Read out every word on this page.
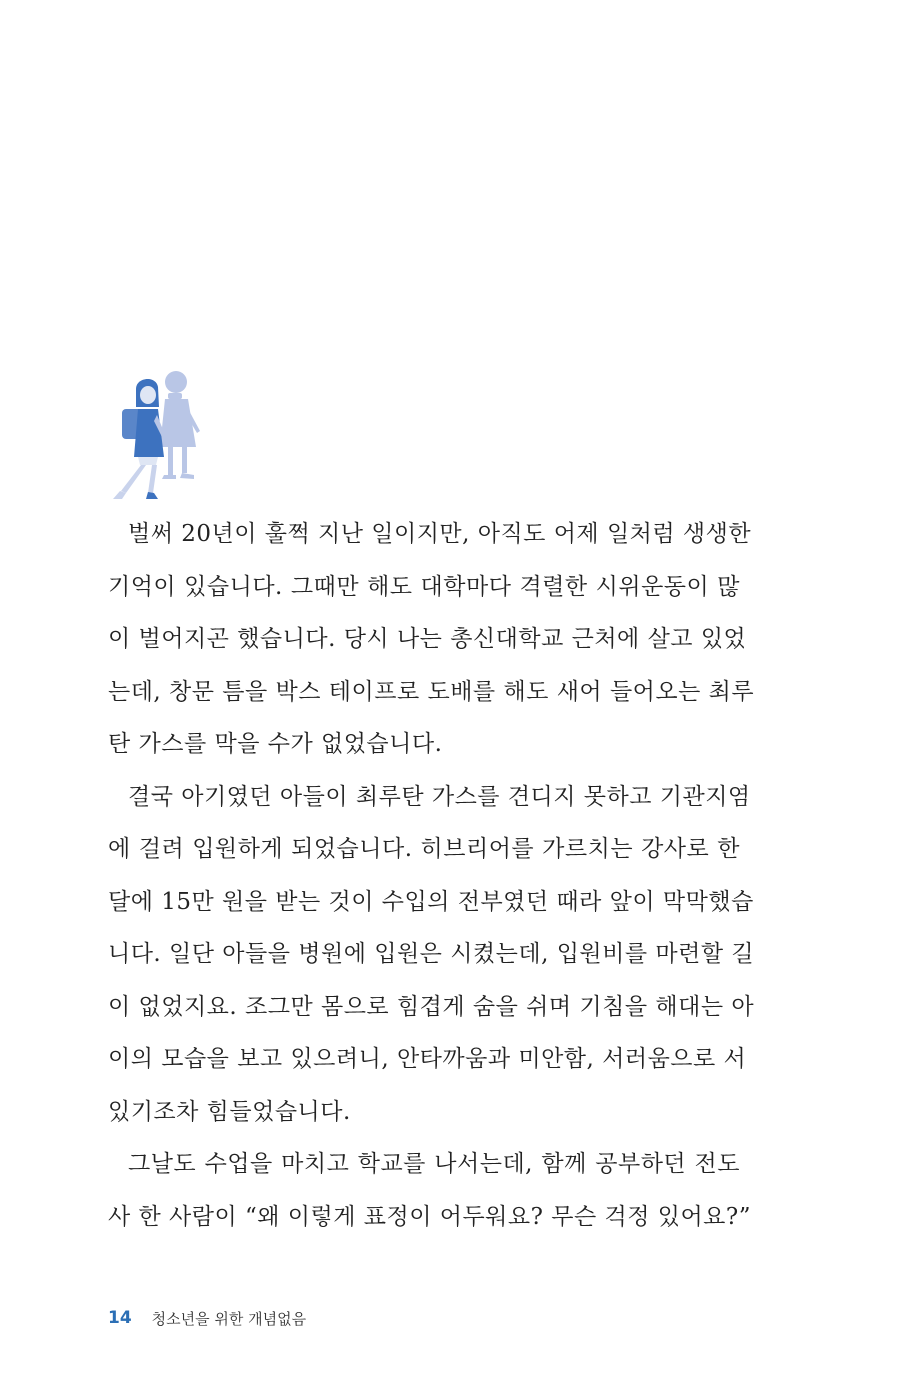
벌써 20년이 훌쩍 지난 일이지만, 아직도 어제 일처럼 생생한
기억이 있습니다. 그때만 해도 대학마다 격렬한 시위운동이 많
이 벌어지곤 했습니다. 당시 나는 총신대학교 근처에 살고 있었
는데, 창문 틈을 박스 테이프로 도배를 해도 새어 들어오는 최루
탄 가스를 막을 수가 없었습니다.
결국 아기였던 아들이 최루탄 가스를 견디지 못하고 기관지염
에 걸려 입원하게 되었습니다. 히브리어를 가르치는 강사로 한
달에 15만 원을 받는 것이 수입의 전부였던 때라 앞이 막막했습
니다. 일단 아들을 병원에 입원은 시켰는데, 입원비를 마련할 길
이 없었지요. 조그만 몸으로 힘겹게 숨을 쉬며 기침을 해대는 아
이의 모습을 보고 있으려니, 안타까움과 미안함, 서러움으로 서
있기조차 힘들었습니다.
그날도 수업을 마치고 학교를 나서는데, 함께 공부하던 전도
사 한 사람이 “왜 이렇게 표정이 어두워요? 무슨 걱정 있어요?”
14 청소년을 위한 개념없음
